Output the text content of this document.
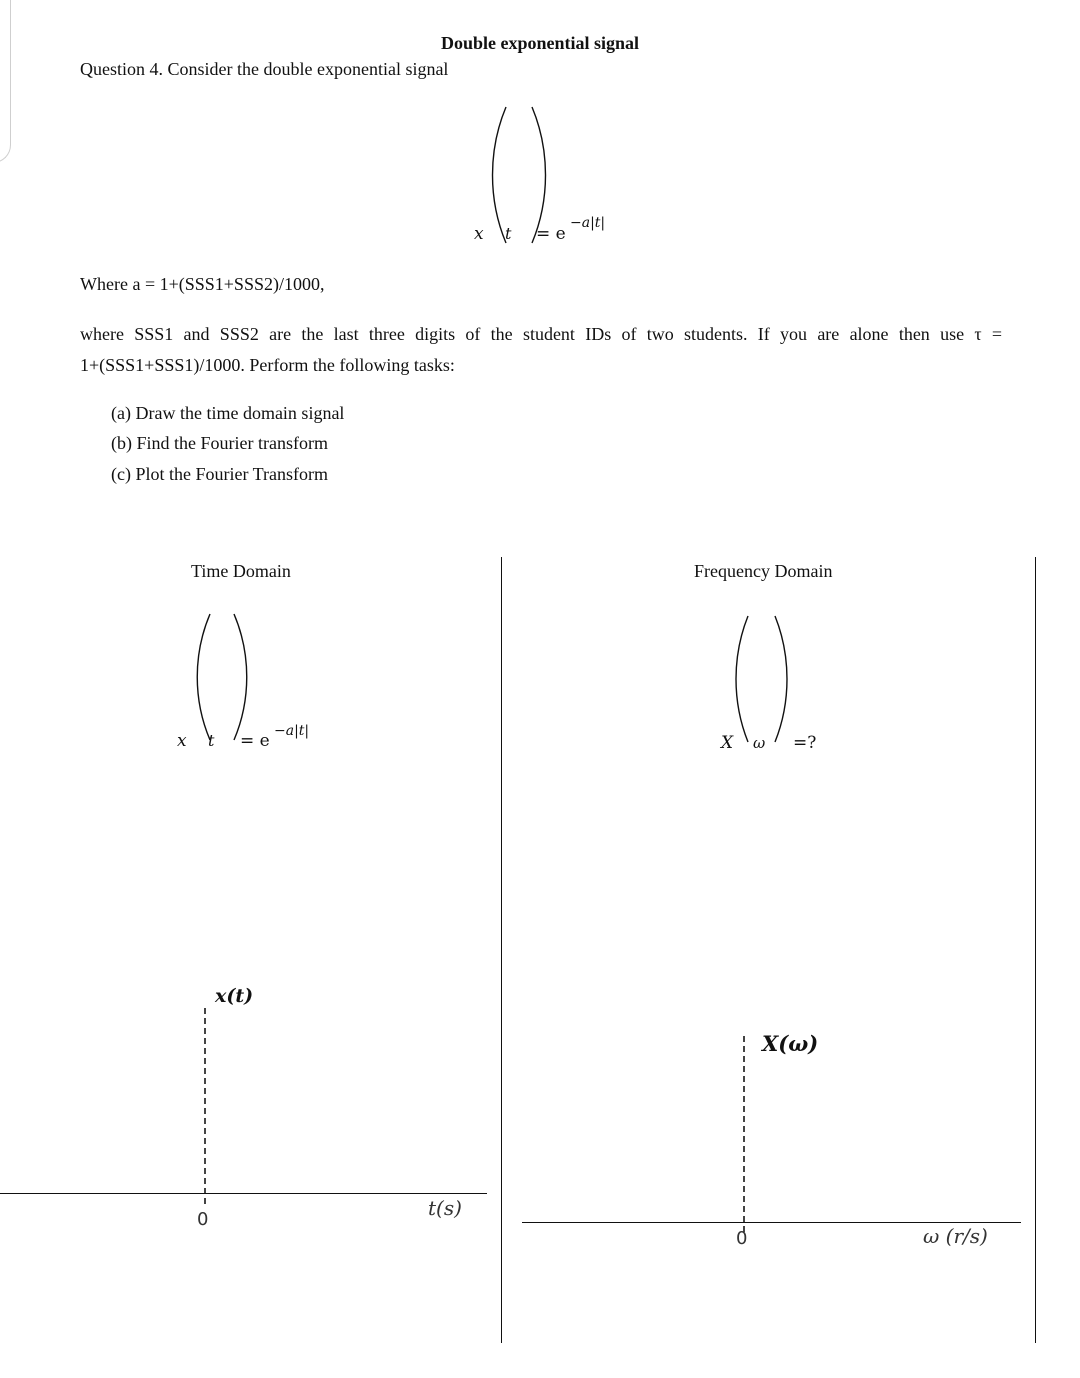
Double exponential signal
Question 4. Consider the double exponential signal
x t = e
−a|t|
Where a = 1+(SSS1+SSS2)/1000,
where SSS1 and SSS2 are the last three digits of the student IDs of two students. If you are alone then use τ =
1+(SSS1+SSS1)/1000. Perform the following tasks:
(a) Draw the time domain signal
(b) Find the Fourier transform
(c) Plot the Fourier Transform
Time Domain
x t = e −a|t|
x(t)
0	t(s)
Frequency Domain
X ω =?
X(ω)
0	ω (r/s)
